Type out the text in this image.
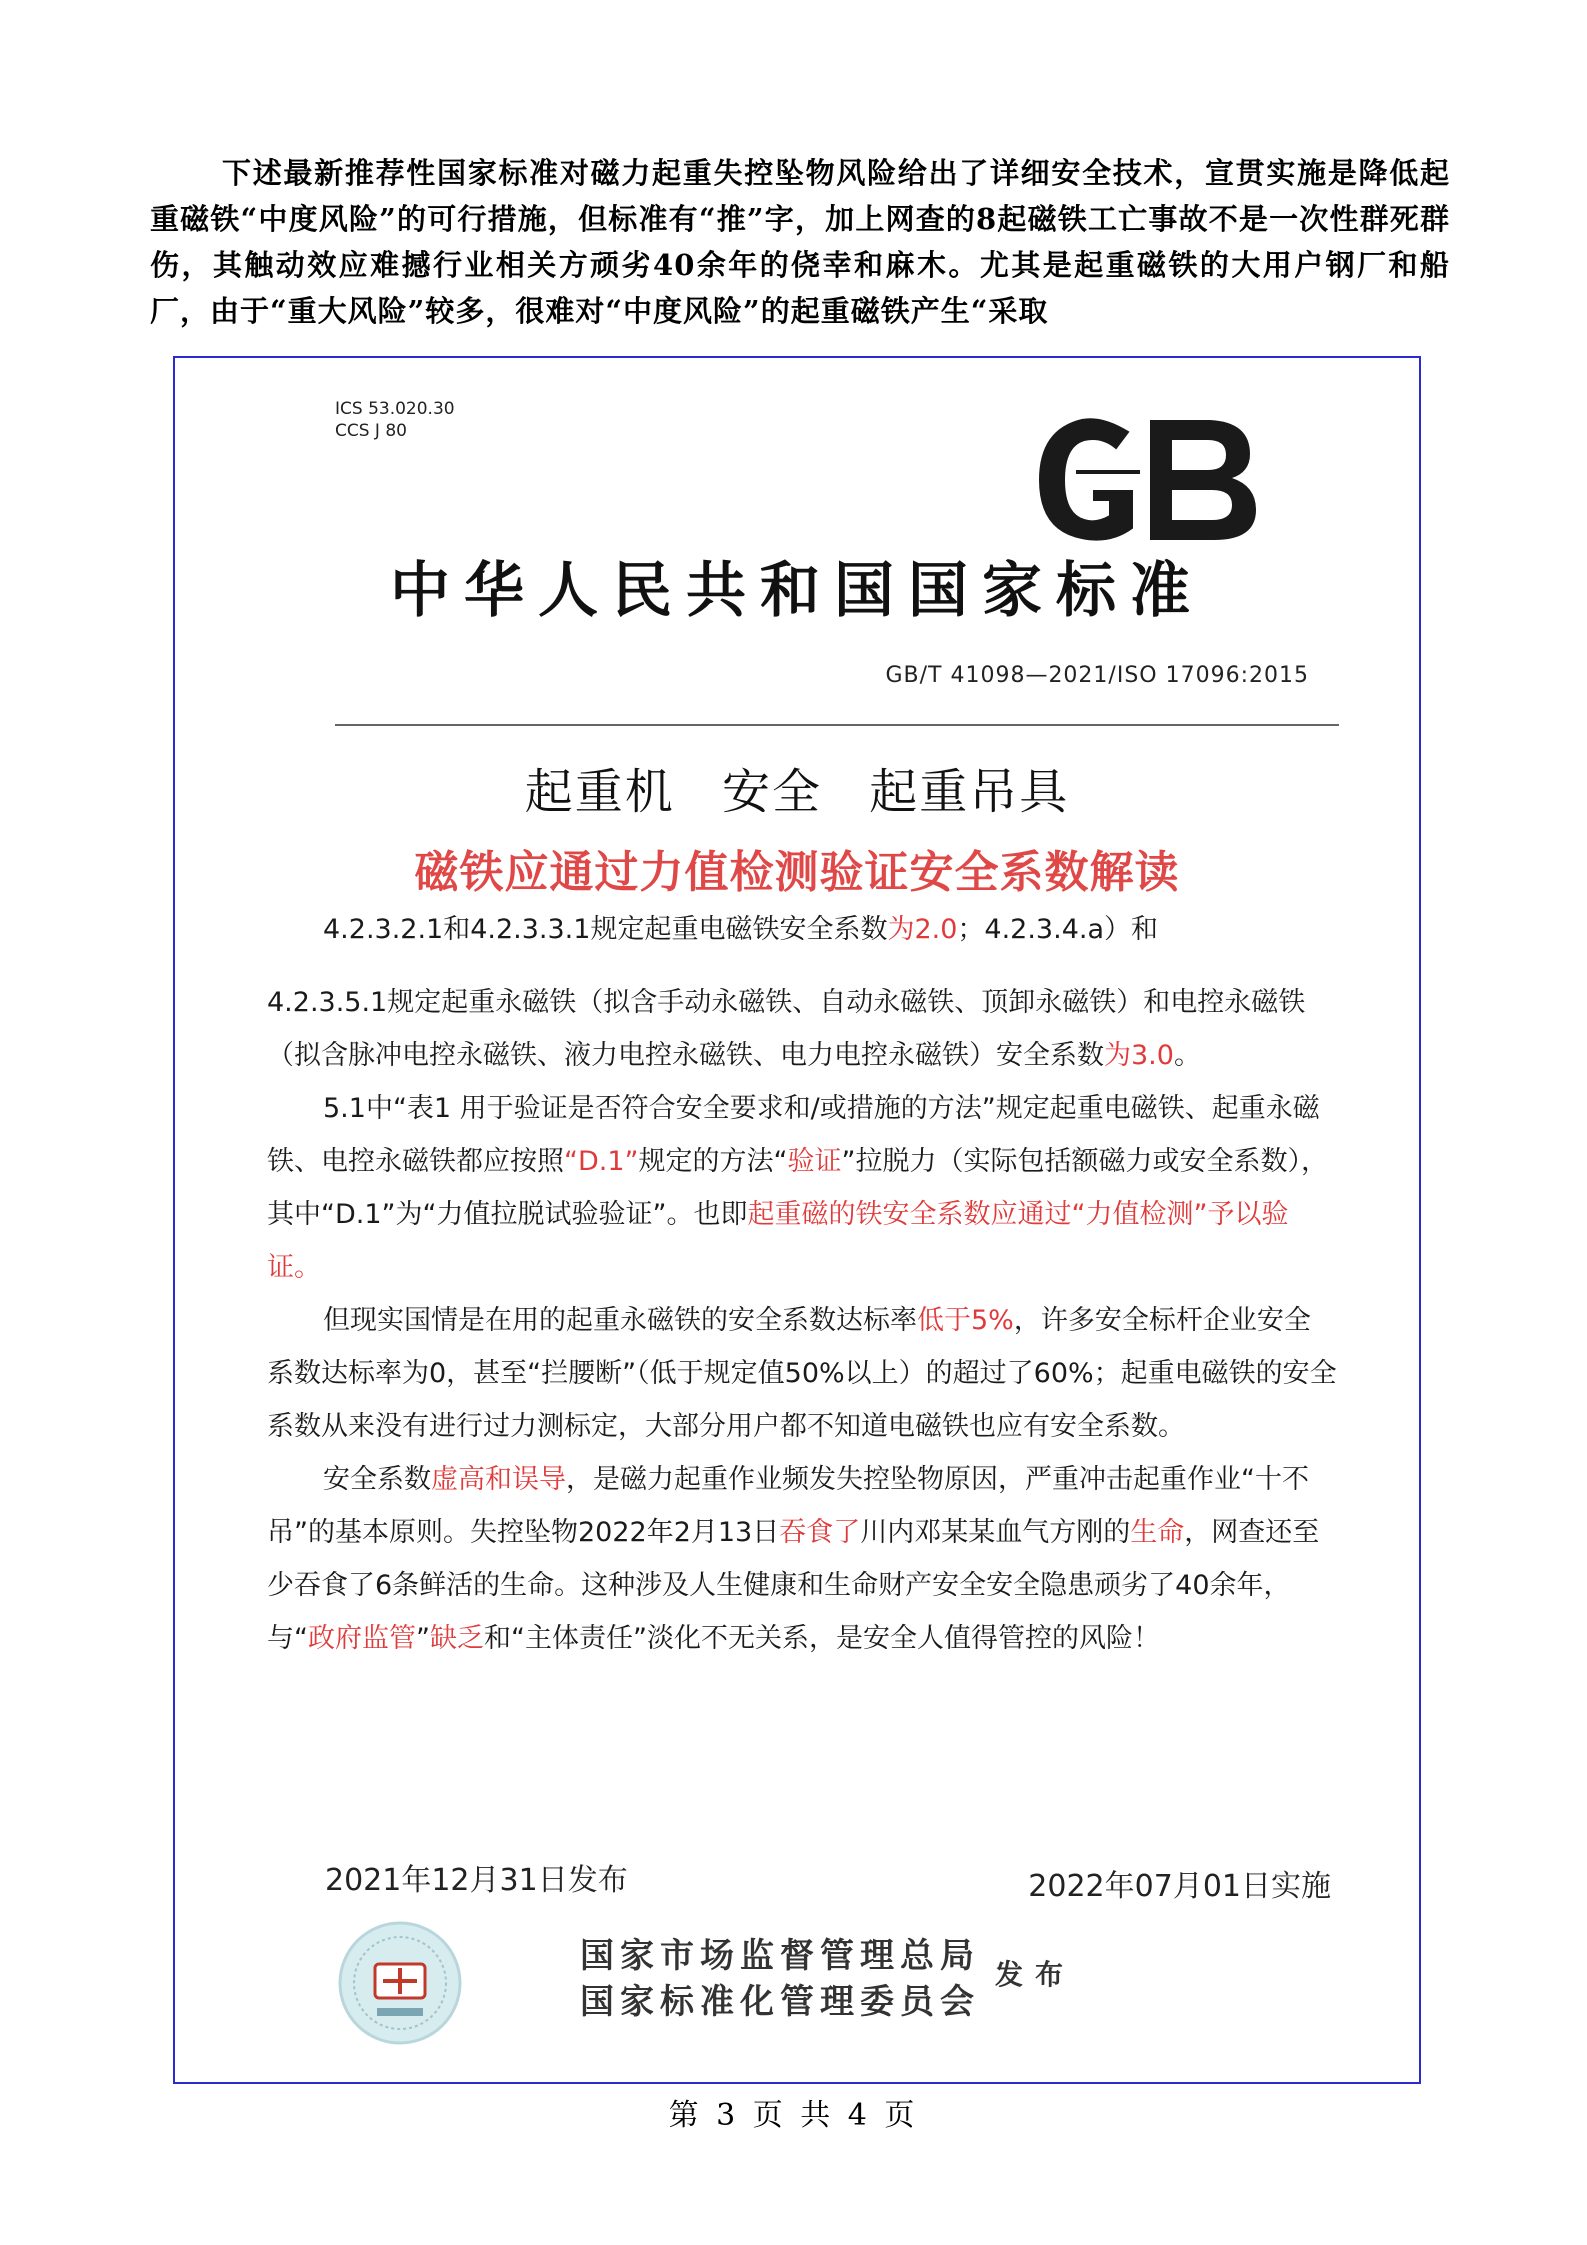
下述最新推荐性国家标准对磁力起重失控坠物风险给出了详细安全技术，宣贯实施是降低起重磁铁“中度风险”的可行措施，但标准有“推”字，加上网查的8起磁铁工亡事故不是一次性群死群伤，其触动效应难撼行业相关方顽劣40余年的侥幸和麻木。尤其是起重磁铁的大用户钢厂和船厂，由于“重大风险”较多，很难对“中度风险”的起重磁铁产生“采取

ICS 53.020.30
CCS J 80
中华人民共和国国家标准
GB/T 41098—2021/ISO 17096:2015
起重机 安全 起重吊具
磁铁应通过力值检测验证安全系数解读

4.2.3.2.1和4.2.3.3.1规定起重电磁铁安全系数为2.0；4.2.3.4.a）和

4.2.3.5.1规定起重永磁铁（拟含手动永磁铁、自动永磁铁、顶卸永磁铁）和电控永磁铁（拟含脉冲电控永磁铁、液力电控永磁铁、电力电控永磁铁）安全系数为3.0。

5.1中“表1 用于验证是否符合安全要求和/或措施的方法”规定起重电磁铁、起重永磁铁、电控永磁铁都应按照“D.1”规定的方法“验证”拉脱力（实际包括额磁力或安全系数），其中“D.1”为“力值拉脱试验验证”。也即起重磁的铁安全系数应通过“力值检测”予以验证。

但现实国情是在用的起重永磁铁的安全系数达标率低于5%，许多安全标杆企业安全系数达标率为0，甚至“拦腰断”（低于规定值50%以上）的超过了60%；起重电磁铁的安全系数从来没有进行过力测标定，大部分用户都不知道电磁铁也应有安全系数。

安全系数虚高和误导，是磁力起重作业频发失控坠物原因，严重冲击起重作业“十不吊”的基本原则。失控坠物2022年2月13日吞食了川内邓某某血气方刚的生命，网查还至少吞食了6条鲜活的生命。这种涉及人生健康和生命财产安全安全隐患顽劣了40余年，与“政府监管”缺乏和“主体责任”淡化不无关系，是安全人值得管控的风险！

2021年12月31日发布	2022年07月01日实施
国家市场监督管理总局
国家标准化管理委员会
发布
第 3 页 共 4 页
